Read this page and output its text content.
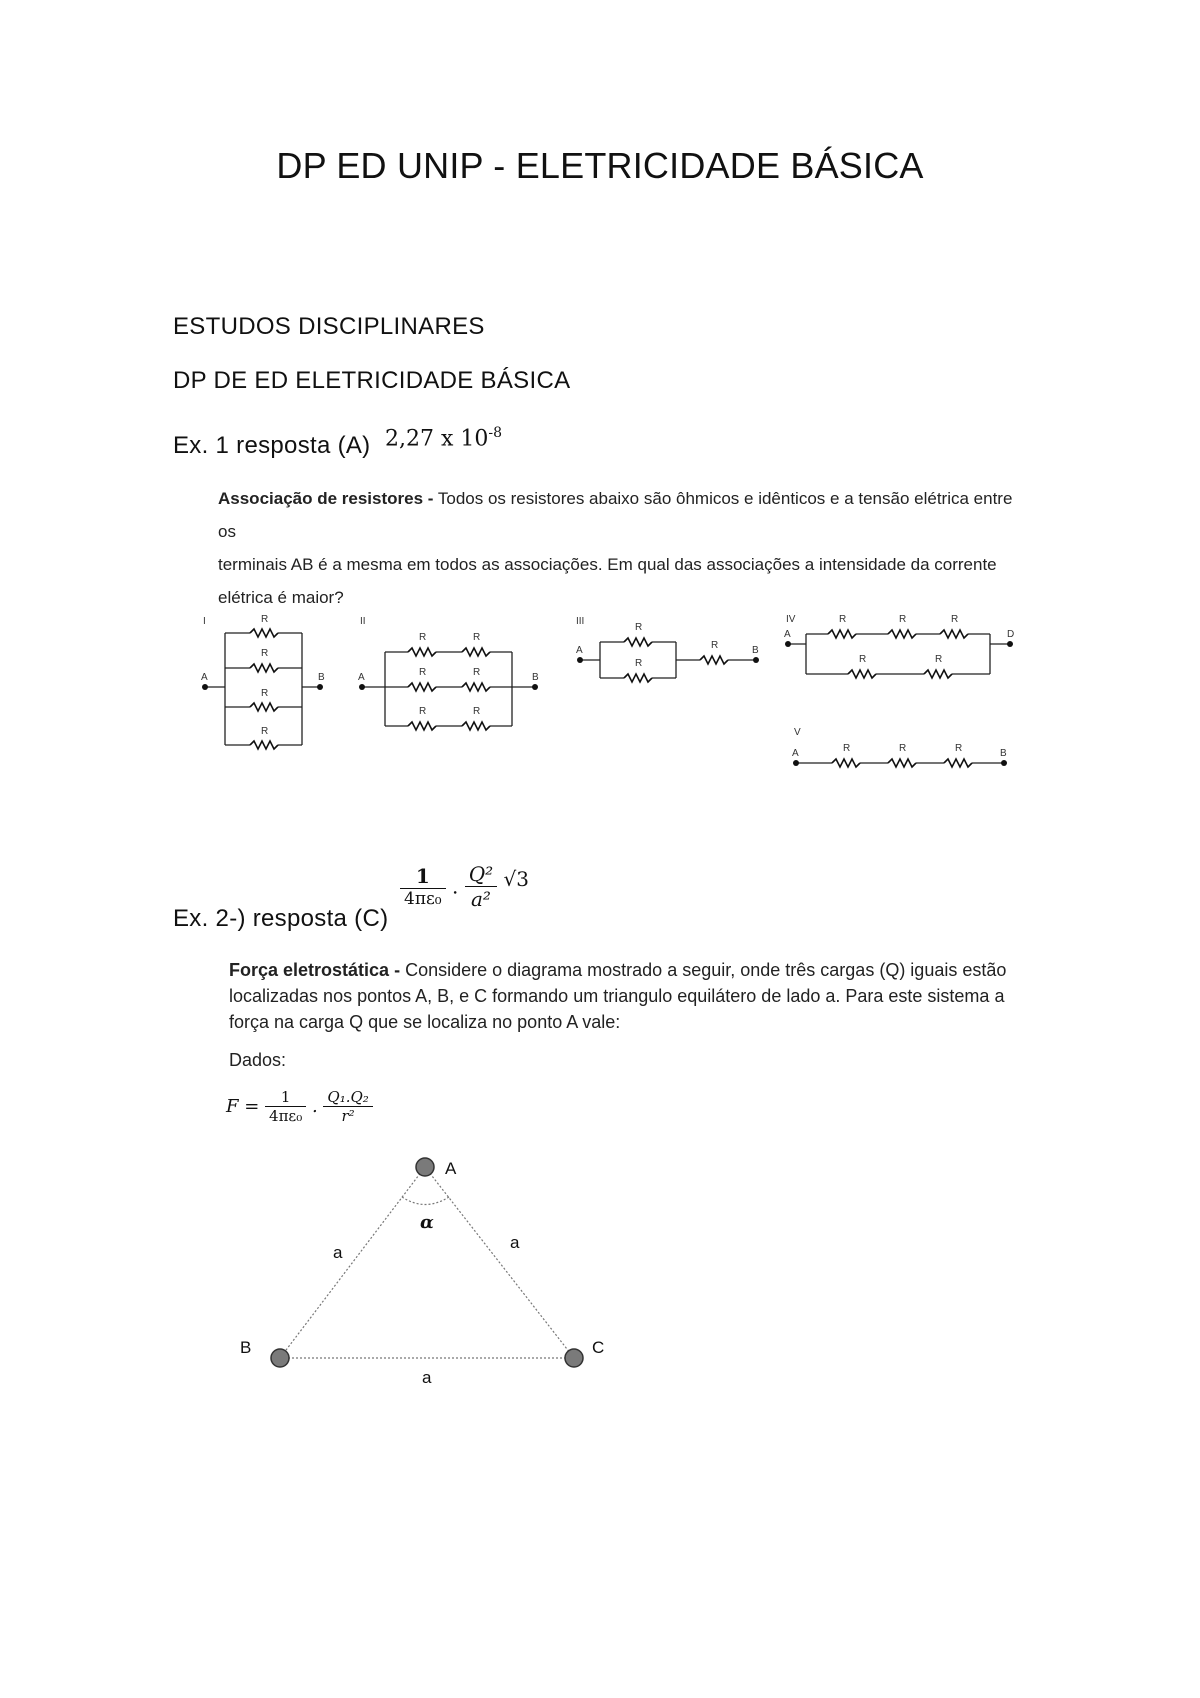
DP ED UNIP - ELETRICIDADE BÁSICA
ESTUDOS DISCIPLINARES
DP DE ED ELETRICIDADE BÁSICA
Ex. 1 resposta (A) 2,27 x $10^{-8}$
Associação de resistores - Todos os resistores abaixo são ôhmicos e idênticos e a tensão elétrica entre os
terminais AB é a mesma em todos as associações. Em qual das associações a intensidade da corrente
elétrica é maior?
I	II	III	IV
V
A	B	A	B
A	B
A	D
A	B
R
R
R
R
R	R
R	R
R	R
R
R
R
R	R	R
R	R
R	R	R
Ex. 2-) resposta (C)
$\frac{1}{\text{4πε₀}}$ . $\frac{\text{Q²}}{\text{a²}} √3$
Força eletrostática - Considere o diagrama mostrado a seguir, onde três cargas (Q) iguais estão
localizadas nos pontos A, B, e C formando um triangulo equilátero de lado a. Para este sistema a
força na carga Q que se localiza no ponto A vale:
Dados:
$F = \frac{1}{\text{4πε₀}}$ . $\frac{\text{Q₁.Q₂}}{\text{r²}}$
A
B	C
α
a
a
a
